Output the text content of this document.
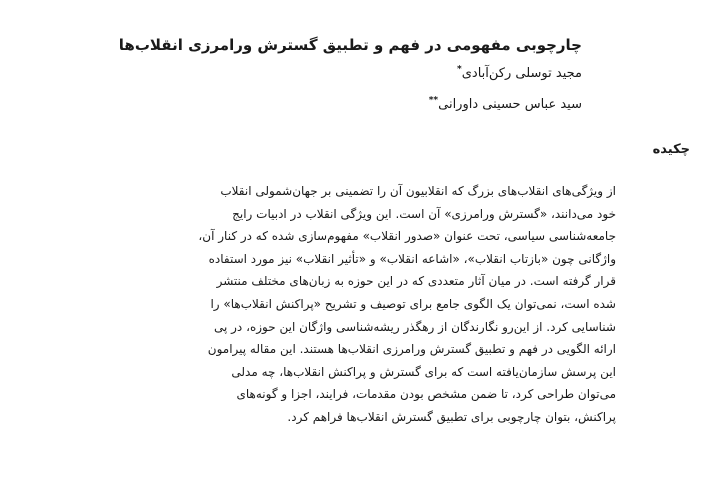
چارچوبی مفهومی در فهم و تطبیق گسترش ورامرزی انقلاب‌ها
مجید توسلی رکن‌آبادی*
سید عباس حسینی داورانی**
چکیده
از ویژگی‌های انقلاب‌های بزرگ که انقلابیون آن را تضمینی بر جهان‌شمولی انقلاب
خود می‌دانند، «گسترش ورامرزی» آن است. این ویژگی انقلاب در ادبیات رایج
جامعه‌شناسی سیاسی، تحت عنوان «صدور انقلاب» مفهوم‌سازی شده که در کنار آن،
واژگانی چون «بازتاب انقلاب»، «اشاعه انقلاب» و «تأثیر انقلاب» نیز مورد استفاده
قرار گرفته است. در میان آثار متعددی که در این حوزه به زبان‌های مختلف منتشر
شده است، نمی‌توان یک الگوی جامع برای توصیف و تشریح «پراکنش انقلاب‌ها» را
شناسایی کرد. از این‌رو نگارندگان از رهگذر ریشه‌شناسی واژگان این حوزه، در پی
ارائه الگویی در فهم و تطبیق گسترش ورامرزی انقلاب‌ها هستند. این مقاله پیرامون
این پرسش سازمان‌یافته است که برای گسترش و پراکنش انقلاب‌ها، چه مدلی
می‌توان طراحی کرد، تا ضمن مشخص بودن مقدمات، فرایند، اجزا و گونه‌های
پراکنش، بتوان چارچوبی برای تطبیق گسترش انقلاب‌ها فراهم کرد.
